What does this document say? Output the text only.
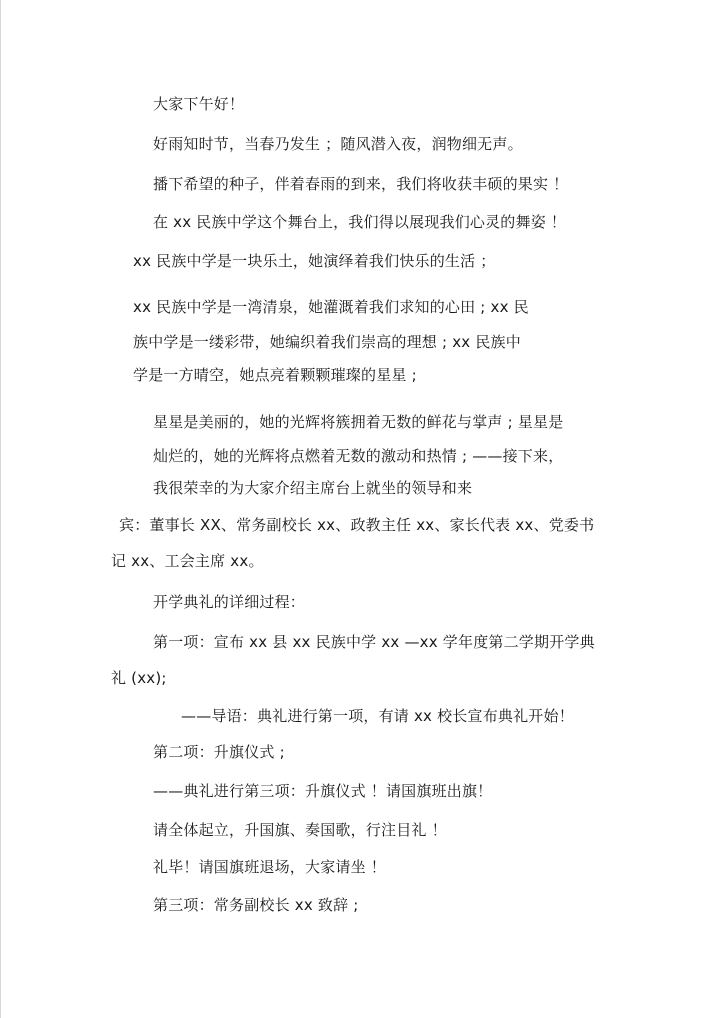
大家下午好！
好雨知时节，当春乃发生 ；随风潜入夜，润物细无声。
播下希望的种子，伴着春雨的到来，我们将收获丰硕的果实 ！
在 xx 民族中学这个舞台上，我们得以展现我们心灵的舞姿 ！
xx 民族中学是一块乐土，她演绎着我们快乐的生活 ；
xx 民族中学是一湾清泉，她灌溉着我们求知的心田 ; xx 民
族中学是一缕彩带，她编织着我们崇高的理想 ; xx 民族中
学是一方晴空，她点亮着颗颗璀璨的星星 ;
星星是美丽的，她的光辉将簇拥着无数的鲜花与掌声 ; 星星是
灿烂的，她的光辉将点燃着无数的激动和热情 ; ——接下来，
我很荣幸的为大家介绍主席台上就坐的领导和来
宾：董事长 XX、常务副校长 xx、政教主任 xx、家长代表 xx、党委书
记 xx、工会主席 xx。
开学典礼的详细过程：
第一项：宣布 xx 县 xx 民族中学 xx —xx 学年度第二学期开学典
礼 (xx);
——导语：典礼进行第一项，有请 xx 校长宣布典礼开始！
第二项：升旗仪式 ;
——典礼进行第三项：升旗仪式 ！请国旗班出旗！
请全体起立，升国旗、奏国歌，行注目礼 ！
礼毕！请国旗班退场，大家请坐 ！
第三项：常务副校长 xx 致辞 ;
